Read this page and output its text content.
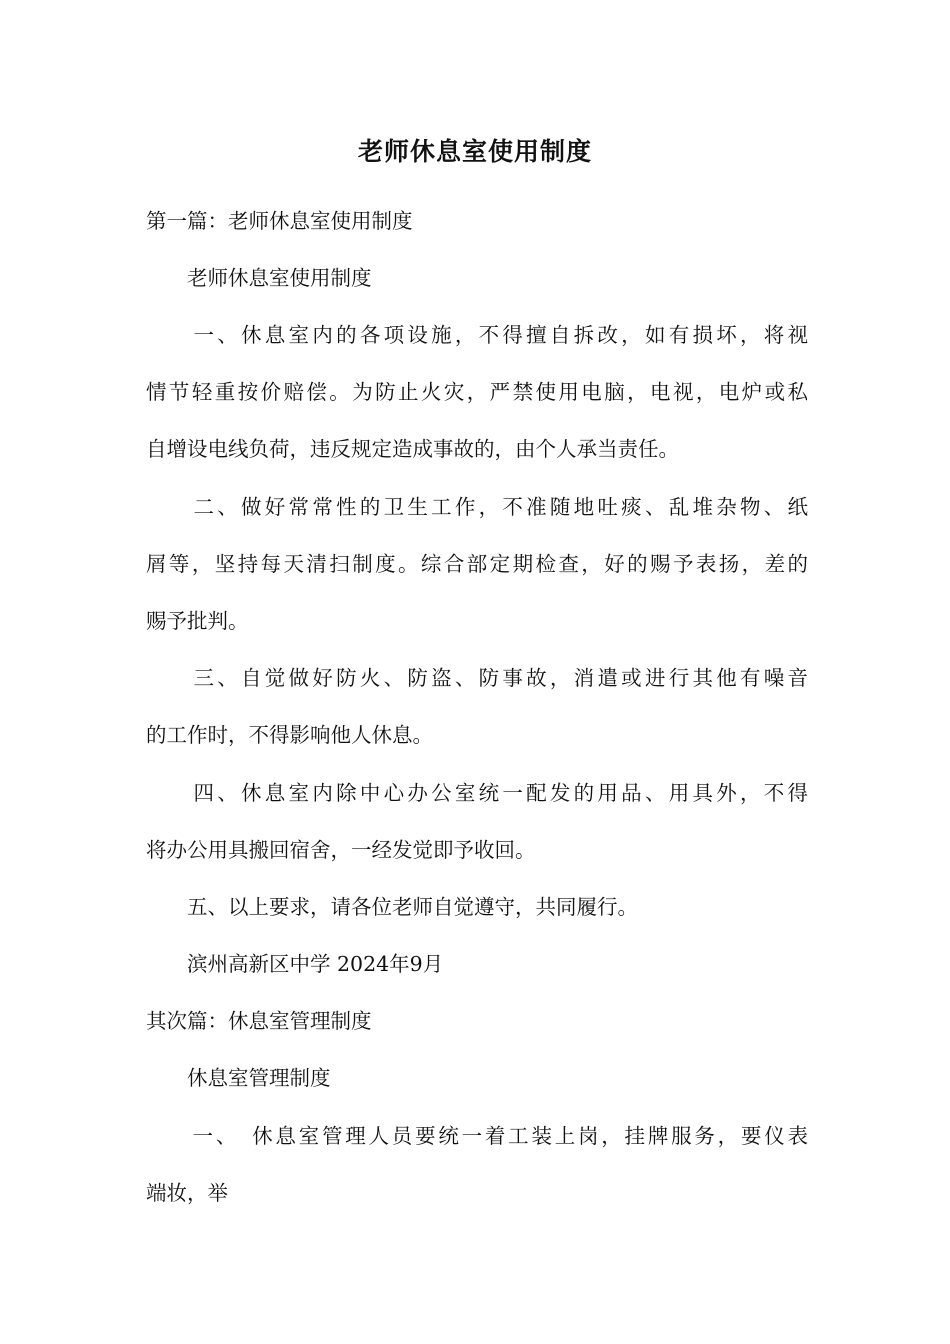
老师休息室使用制度
第一篇：老师休息室使用制度
　　老师休息室使用制度
　　一、休息室内的各项设施，不得擅自拆改，如有损坏，将视
情节轻重按价赔偿。为防止火灾，严禁使用电脑，电视，电炉或私
自增设电线负荷，违反规定造成事故的，由个人承当责任。
　　二、做好常常性的卫生工作，不准随地吐痰、乱堆杂物、纸
屑等，坚持每天清扫制度。综合部定期检查，好的赐予表扬，差的
赐予批判。
　　三、自觉做好防火、防盗、防事故，消遣或进行其他有噪音
的工作时，不得影响他人休息。
　　四、休息室内除中心办公室统一配发的用品、用具外，不得
将办公用具搬回宿舍，一经发觉即予收回。
　　五、以上要求，请各位老师自觉遵守，共同履行。
　　滨州高新区中学 2024年9月
其次篇：休息室管理制度
　　休息室管理制度
　　一、　休息室管理人员要统一着工装上岗，挂牌服务，要仪表
端妆，举
